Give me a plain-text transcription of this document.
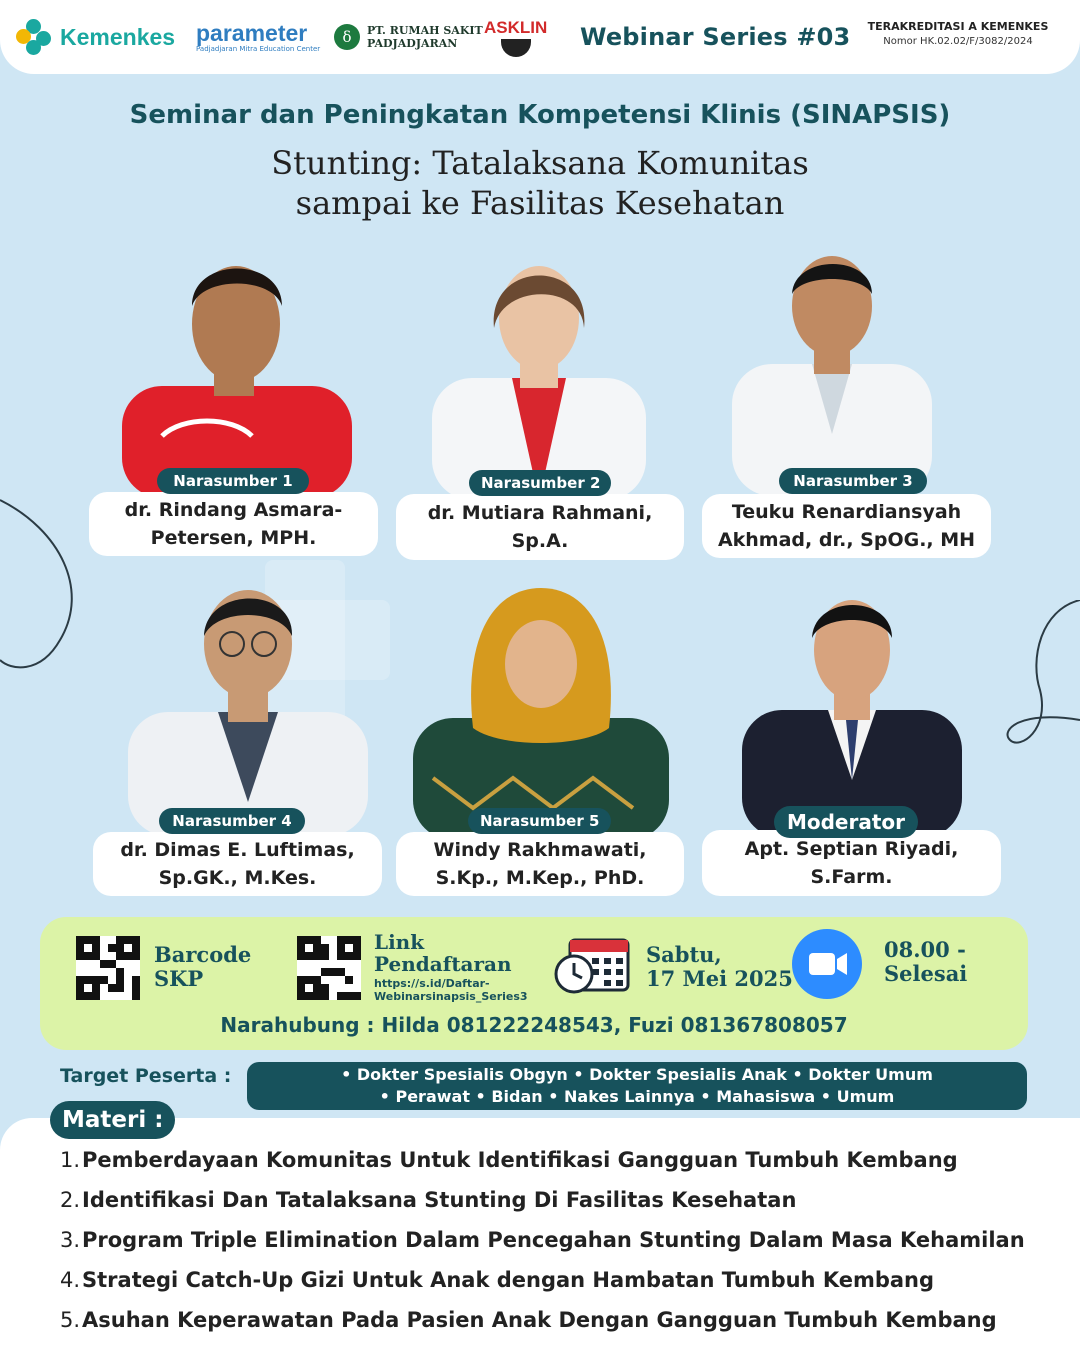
Kemenkes parameter
Padjadjaran Mitra Education Center
δ	PT. RUMAH SAKIT
PADJADJARAN
ASKLIN Webinar Series #03	TERAKREDITASI A KEMENKES
Nomor HK.02.02/F/3082/2024
Seminar dan Peningkatan Kompetensi Klinis (SINAPSIS)
Stunting: Tatalaksana Komunitas
sampai ke Fasilitas Kesehatan
dr. Rindang Asmara-
Petersen, MPH.
Narasumber 1
dr. Mutiara Rahmani,
Sp.A.
Narasumber 2
Teuku Renardiansyah
Akhmad, dr., SpOG., MH
Narasumber 3
dr. Dimas E. Luftimas,
Sp.GK., M.Kes.
Narasumber 4
Windy Rakhmawati,
S.Kp., M.Kep., PhD.
Narasumber 5
Apt. Septian Riyadi,
S.Farm.
Moderator
Barcode
SKP
Link
Pendaftaran
https://s.id/Daftar-
Webinarsinapsis_Series3
Sabtu,
17 Mei 2025
08.00 -
Selesai
Narahubung : Hilda 081222248543, Fuzi 081367808057
Target Peserta :	• Dokter Spesialis Obgyn • Dokter Spesialis Anak • Dokter Umum
• Perawat • Bidan • Nakes Lainnya • Mahasiswa • Umum
Materi :
1. Pemberdayaan Komunitas Untuk Identifikasi Gangguan Tumbuh Kembang
2. Identifikasi Dan Tatalaksana Stunting Di Fasilitas Kesehatan
3. Program Triple Elimination Dalam Pencegahan Stunting Dalam Masa Kehamilan
4. Strategi Catch-Up Gizi Untuk Anak dengan Hambatan Tumbuh Kembang
5. Asuhan Keperawatan Pada Pasien Anak Dengan Gangguan Tumbuh Kembang
